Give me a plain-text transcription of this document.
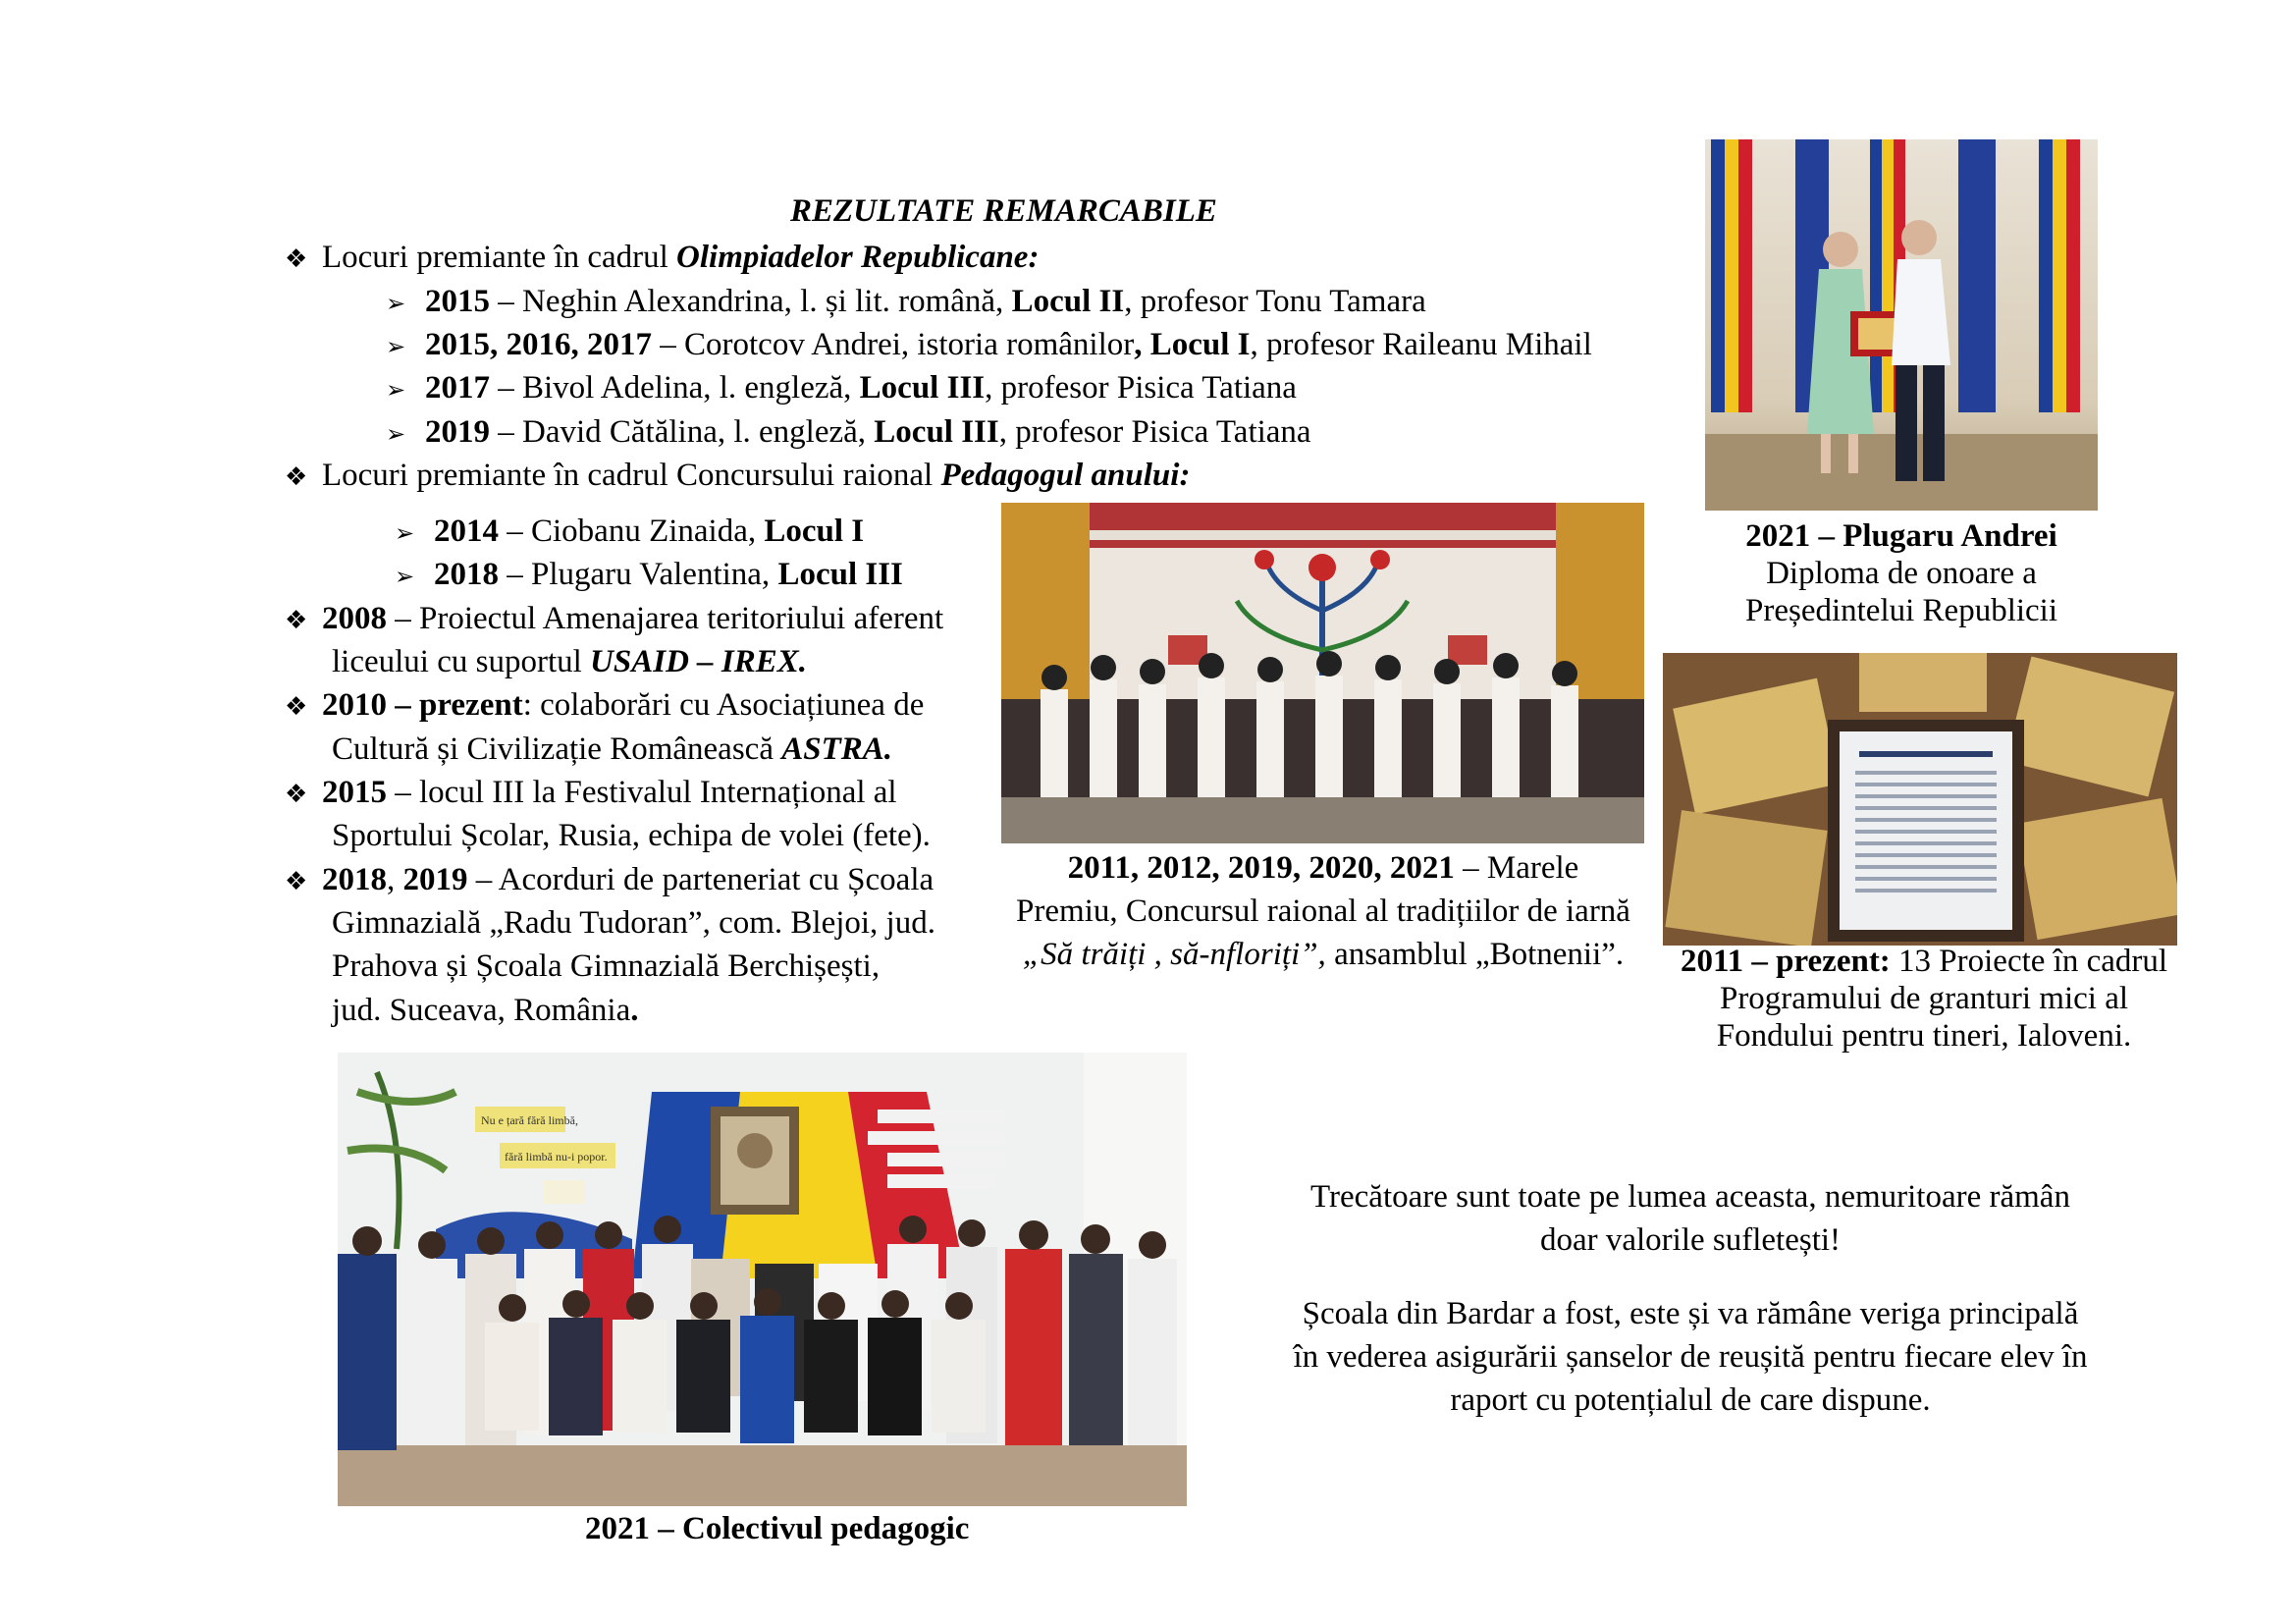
REZULTATE REMARCABILE
❖ Locuri premiante în cadrul Olimpiadelor Republicane:
➢ 2015 – Neghin Alexandrina, l. și lit. română, Locul II, profesor Tonu Tamara
➢ 2015, 2016, 2017 – Corotcov Andrei, istoria românilor, Locul I, profesor Raileanu Mihail
➢ 2017 – Bivol Adelina, l. engleză, Locul III, profesor Pisica Tatiana
➢ 2019 – David Cătălina, l. engleză, Locul III, profesor Pisica Tatiana
❖ Locuri premiante în cadrul Concursului raional Pedagogul anului:
➢ 2014 – Ciobanu Zinaida, Locul I
➢ 2018 – Plugaru Valentina, Locul III
❖ 2008 – Proiectul Amenajarea teritoriului aferent
liceului cu suportul USAID – IREX.
❖ 2010 – prezent: colaborări cu Asociațiunea de
Cultură și Civilizație Românească ASTRA.
❖ 2015 – locul III la Festivalul Internațional al
Sportului Școlar, Rusia, echipa de volei (fete).
❖ 2018, 2019 – Acorduri de parteneriat cu Școala
Gimnazială „Radu Tudoran”, com. Blejoi, jud.
Prahova și Școala Gimnazială Berchișești,
jud. Suceava, România.
2021 – Plugaru Andrei
Diploma de onoare a
Președintelui Republicii
2011, 2012, 2019, 2020, 2021 – Marele
Premiu, Concursul raional al tradițiilor de iarnă
„Să trăiți , să-nfloriți”, ansamblul „Botnenii”.	2011 – prezent: 13 Proiecte în cadrul
Programului de granturi mici al
Fondului pentru tineri, Ialoveni.
Nu e țară fără limbă,
fără limbă nu-i popor.
2021 – Colectivul pedagogic
Trecătoare sunt toate pe lumea aceasta, nemuritoare rămân
doar valorile sufletești!
Școala din Bardar a fost, este și va rămâne veriga principală
în vederea asigurării șanselor de reușită pentru fiecare elev în
raport cu potențialul de care dispune.
